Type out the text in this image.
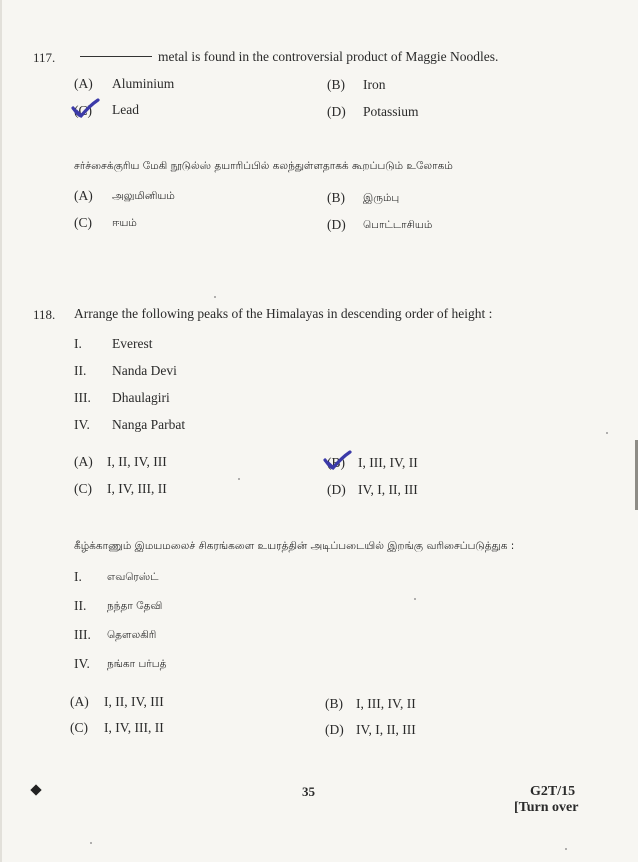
117.	metal is found in the controversial product of Maggie Noodles.
(A) Aluminium	(B) Iron
(C) Lead	(D) Potassium
சர்ச்சைக்குரிய மேகி நூடுல்ஸ் தயாரிப்பில் கலந்துள்ளதாகக் கூறப்படும் உலோகம்
(A) அலுமினியம்	(B) இரும்பு
(C) ஈயம்	(D) பொட்டாசியம்
118. Arrange the following peaks of the Himalayas in descending order of height :
I. Everest
II. Nanda Devi
III. Dhaulagiri
IV. Nanga Parbat
(A) I, II, IV, III	(B) I, III, IV, II
(C) I, IV, III, II	(D) IV, I, II, III
கீழ்க்காணும் இமயமலைச் சிகரங்களை உயரத்தின் அடிப்படையில் இறங்கு வரிசைப்படுத்துக :
I. எவரெஸ்ட்
II. நந்தா தேவி
III. தௌலகிரி
IV. நங்கா பர்பத்
(A) I, II, IV, III	(B) I, III, IV, II
(C) I, IV, III, II	(D) IV, I, II, III
35	G2T/15
[Turn over
